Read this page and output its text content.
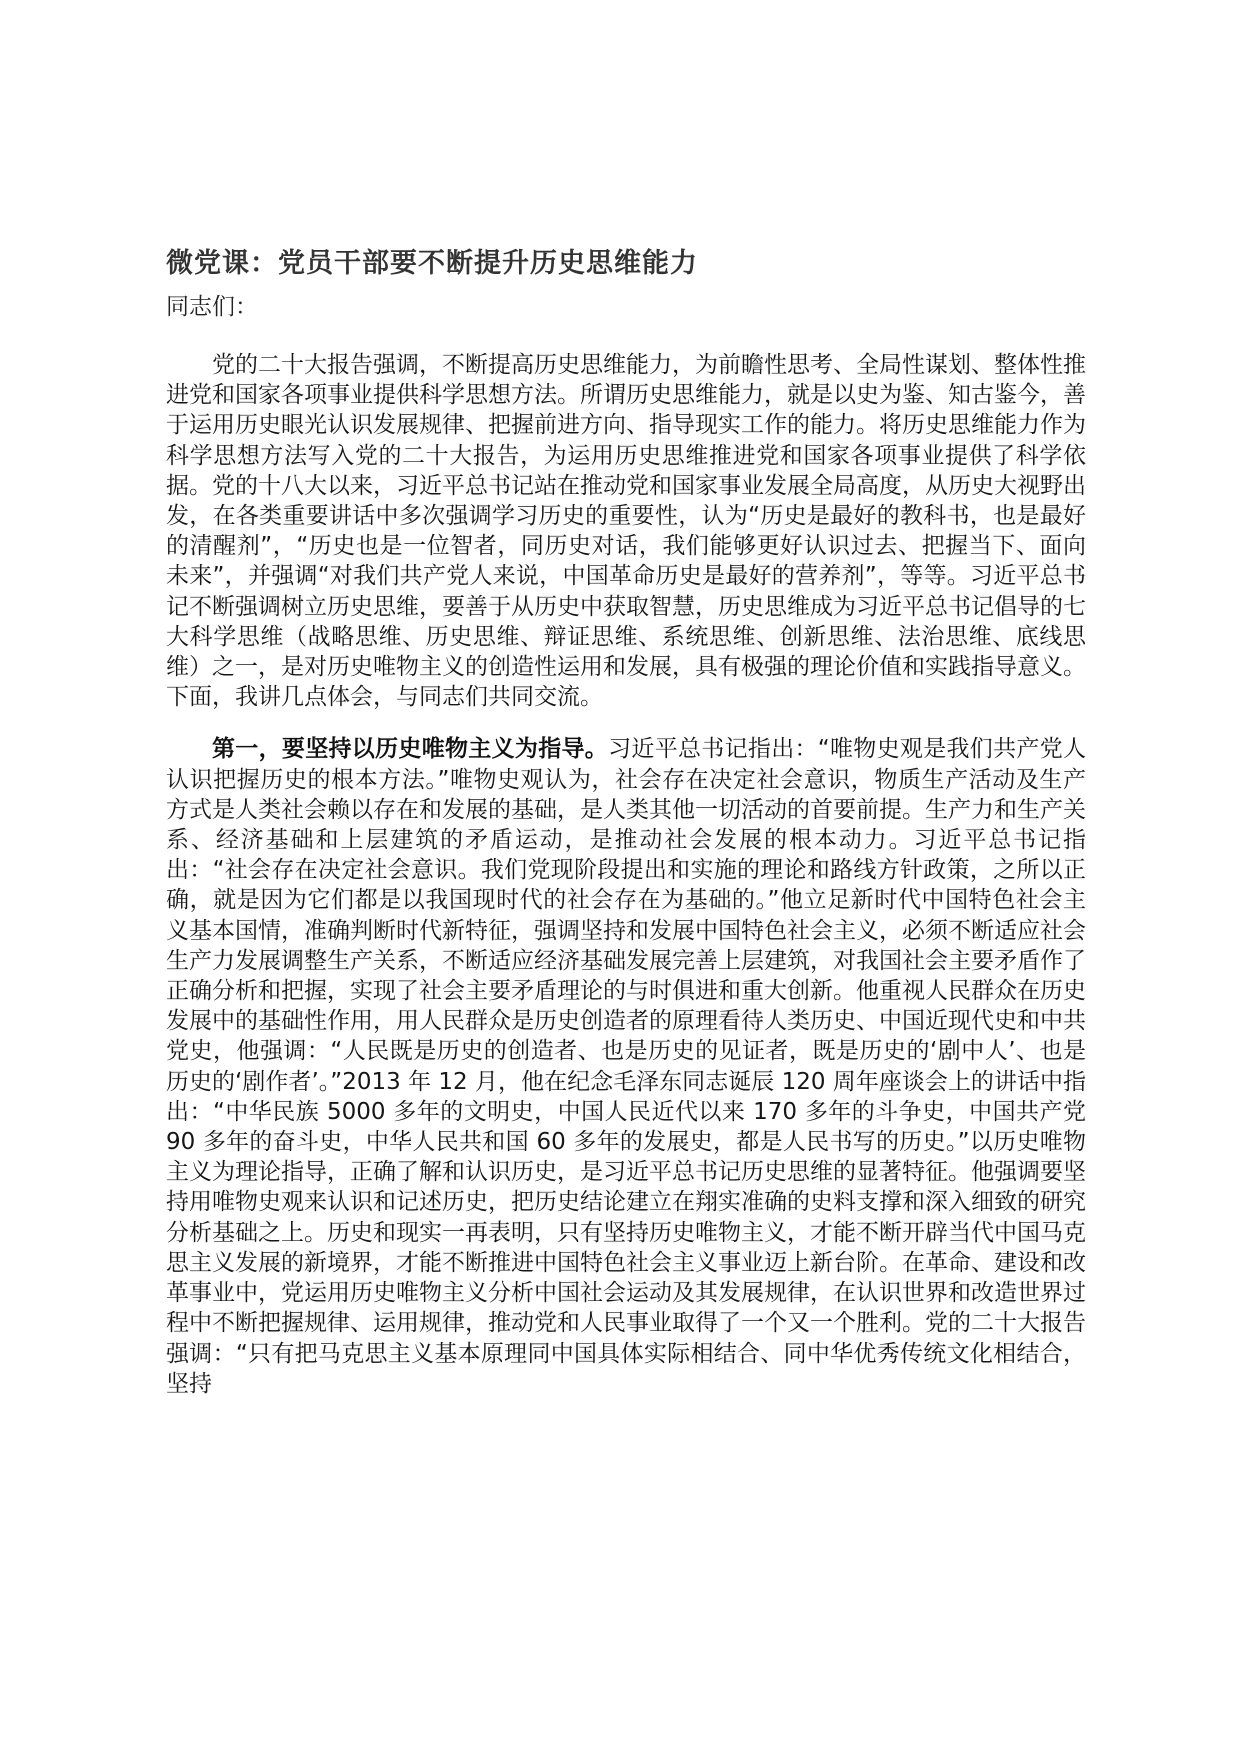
微党课：党员干部要不断提升历史思维能力

同志们：

党的二十大报告强调，不断提高历史思维能力，为前瞻性思考、全局性谋划、整体性推进党和国家各项事业提供科学思想方法。所谓历史思维能力，就是以史为鉴、知古鉴今，善于运用历史眼光认识发展规律、把握前进方向、指导现实工作的能力。将历史思维能力作为科学思想方法写入党的二十大报告，为运用历史思维推进党和国家各项事业提供了科学依据。党的十八大以来，习近平总书记站在推动党和国家事业发展全局高度，从历史大视野出发，在各类重要讲话中多次强调学习历史的重要性，认为“历史是最好的教科书，也是最好的清醒剂”，“历史也是一位智者，同历史对话，我们能够更好认识过去、把握当下、面向未来”，并强调“对我们共产党人来说，中国革命历史是最好的营养剂”，等等。习近平总书记不断强调树立历史思维，要善于从历史中获取智慧，历史思维成为习近平总书记倡导的七大科学思维（战略思维、历史思维、辩证思维、系统思维、创新思维、法治思维、底线思维）之一，是对历史唯物主义的创造性运用和发展，具有极强的理论价值和实践指导意义。下面，我讲几点体会，与同志们共同交流。

第一，要坚持以历史唯物主义为指导。习近平总书记指出：“唯物史观是我们共产党人认识把握历史的根本方法。”唯物史观认为，社会存在决定社会意识，物质生产活动及生产方式是人类社会赖以存在和发展的基础，是人类其他一切活动的首要前提。生产力和生产关系、经济基础和上层建筑的矛盾运动，是推动社会发展的根本动力。习近平总书记指出：“社会存在决定社会意识。我们党现阶段提出和实施的理论和路线方针政策，之所以正确，就是因为它们都是以我国现时代的社会存在为基础的。”他立足新时代中国特色社会主义基本国情，准确判断时代新特征，强调坚持和发展中国特色社会主义，必须不断适应社会生产力发展调整生产关系，不断适应经济基础发展完善上层建筑，对我国社会主要矛盾作了正确分析和把握，实现了社会主要矛盾理论的与时俱进和重大创新。他重视人民群众在历史发展中的基础性作用，用人民群众是历史创造者的原理看待人类历史、中国近现代史和中共党史，他强调：“人民既是历史的创造者、也是历史的见证者，既是历史的‘剧中人’、也是历史的‘剧作者’。”2013 年 12 月，他在纪念毛泽东同志诞辰 120 周年座谈会上的讲话中指出：“中华民族 5000 多年的文明史，中国人民近代以来 170 多年的斗争史，中国共产党 90 多年的奋斗史，中华人民共和国 60 多年的发展史，都是人民书写的历史。”以历史唯物主义为理论指导，正确了解和认识历史，是习近平总书记历史思维的显著特征。他强调要坚持用唯物史观来认识和记述历史，把历史结论建立在翔实准确的史料支撑和深入细致的研究分析基础之上。历史和现实一再表明，只有坚持历史唯物主义，才能不断开辟当代中国马克思主义发展的新境界，才能不断推进中国特色社会主义事业迈上新台阶。在革命、建设和改革事业中，党运用历史唯物主义分析中国社会运动及其发展规律，在认识世界和改造世界过程中不断把握规律、运用规律，推动党和人民事业取得了一个又一个胜利。党的二十大报告强调：“只有把马克思主义基本原理同中国具体实际相结合、同中华优秀传统文化相结合，坚持
